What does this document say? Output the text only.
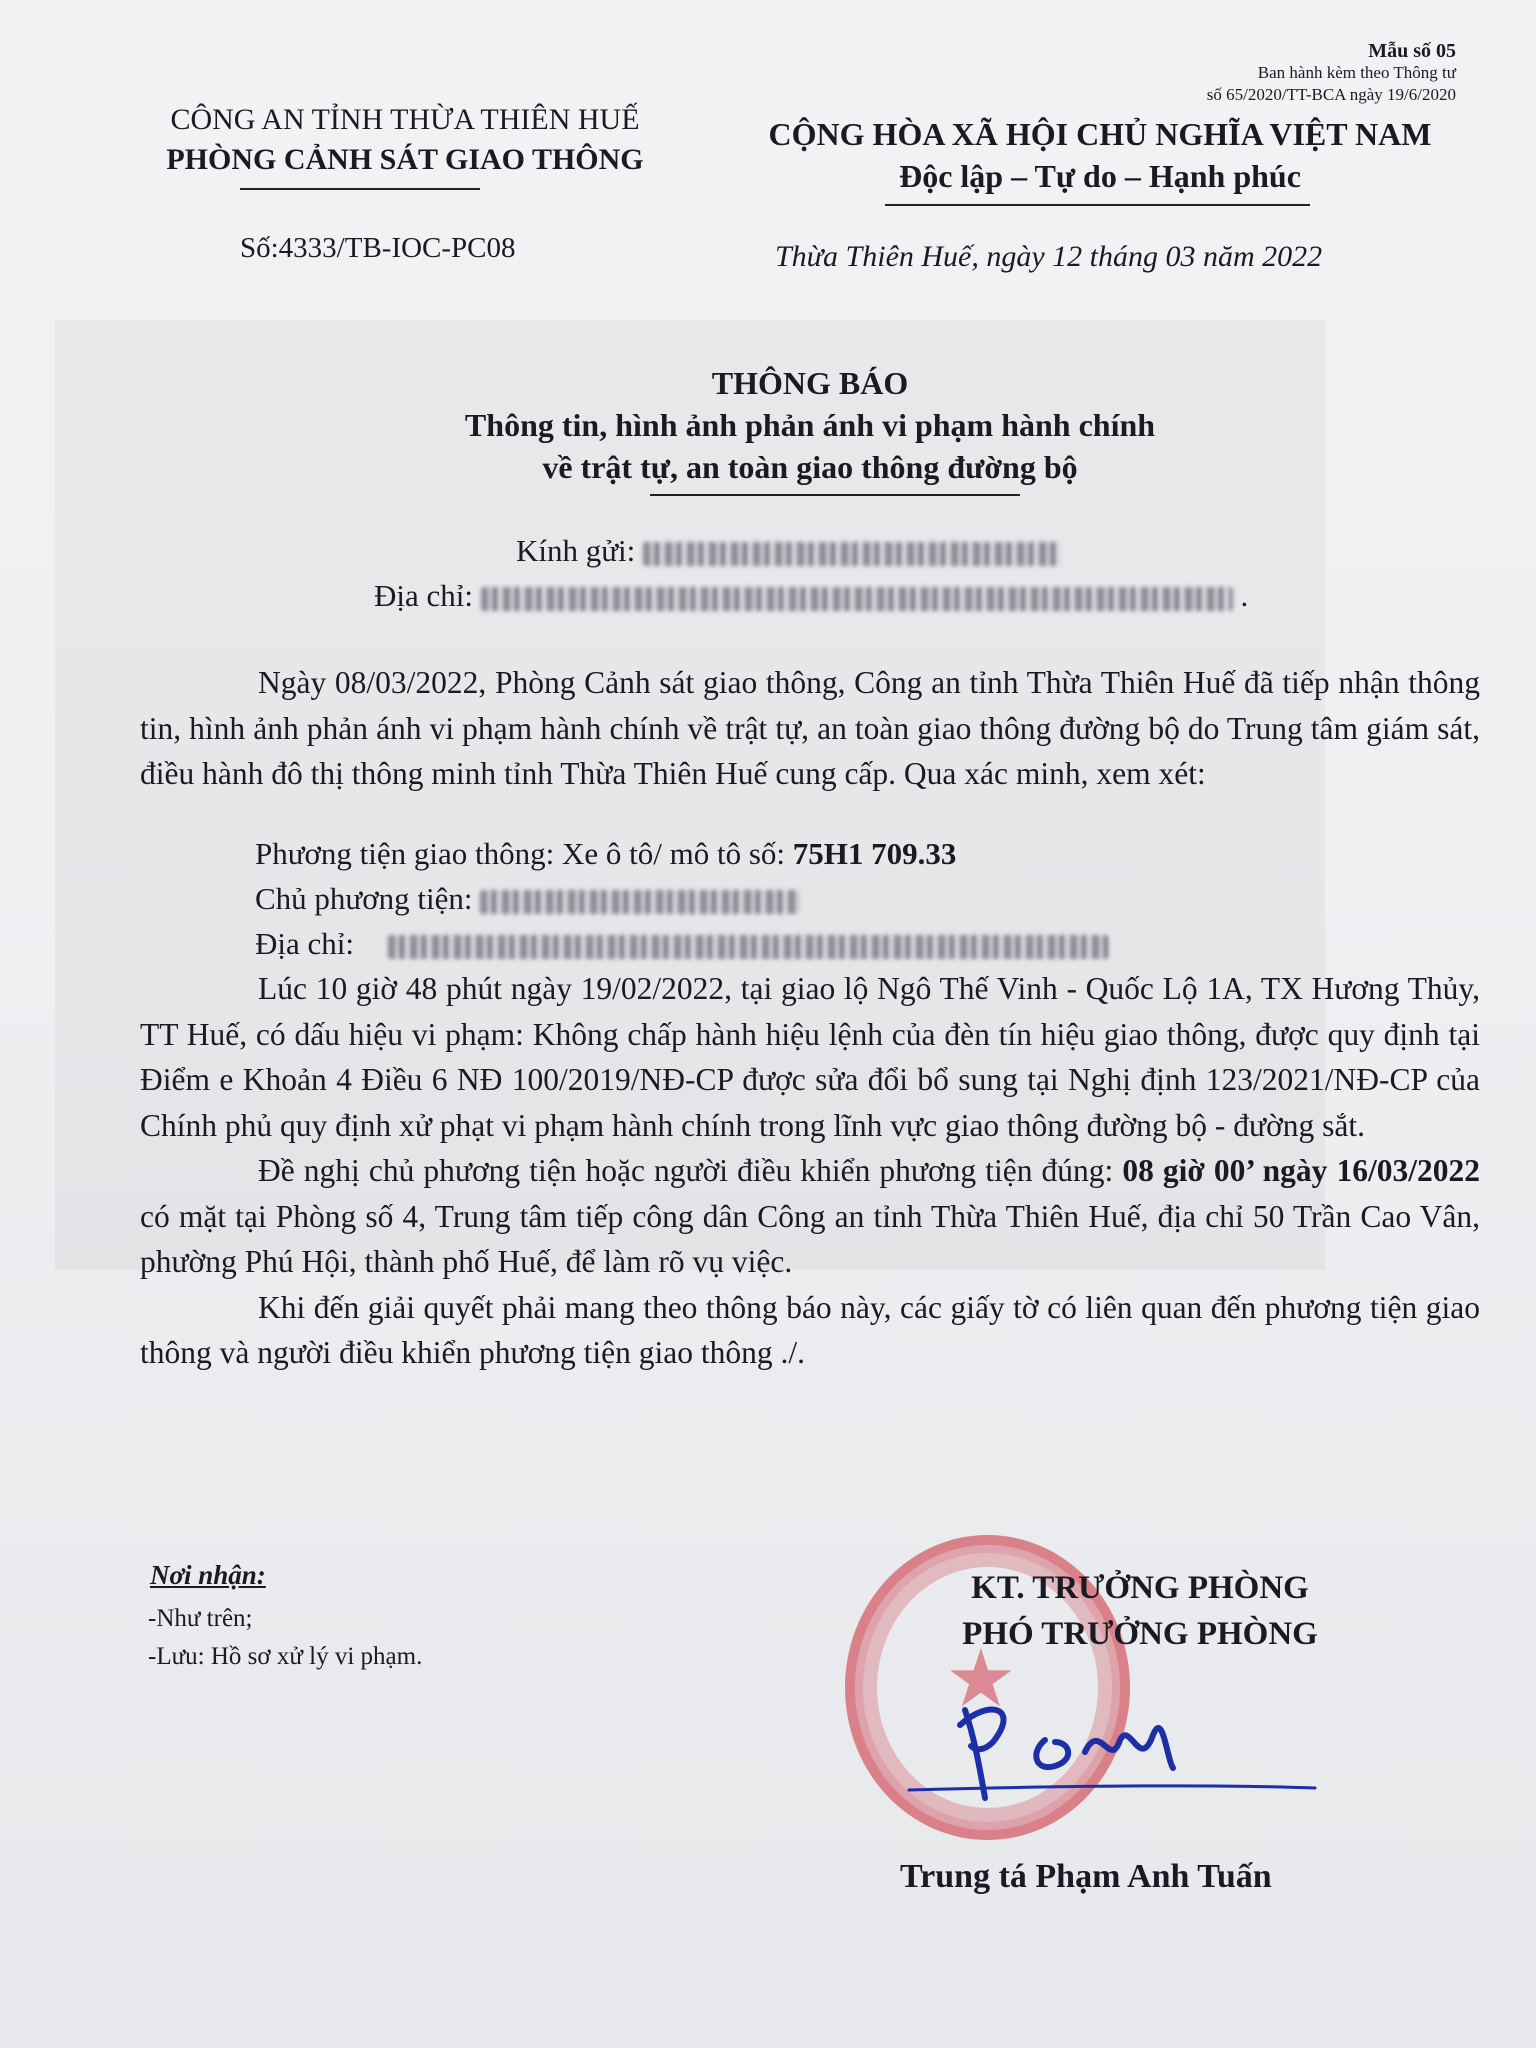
Mẫu số 05
Ban hành kèm theo Thông tư
số 65/2020/TT-BCA ngày 19/6/2020
CÔNG AN TỈNH THỪA THIÊN HUẾ
PHÒNG CẢNH SÁT GIAO THÔNG
CỘNG HÒA XÃ HỘI CHỦ NGHĨA VIỆT NAM
Độc lập – Tự do – Hạnh phúc
Số:4333/TB-IOC-PC08	Thừa Thiên Huế, ngày 12 tháng 03 năm 2022
THÔNG BÁO
Thông tin, hình ảnh phản ánh vi phạm hành chính
về trật tự, an toàn giao thông đường bộ
Kính gửi:
Địa chỉ:	.

Ngày 08/03/2022, Phòng Cảnh sát giao thông, Công an tỉnh Thừa Thiên Huế đã tiếp nhận thông tin, hình ảnh phản ánh vi phạm hành chính về trật tự, an toàn giao thông đường bộ do Trung tâm giám sát, điều hành đô thị thông minh tỉnh Thừa Thiên Huế cung cấp. Qua xác minh, xem xét:

Phương tiện giao thông: Xe ô tô/ mô tô số: 75H1 709.33
Chủ phương tiện:
Địa chỉ:

Lúc 10 giờ 48 phút ngày 19/02/2022, tại giao lộ Ngô Thế Vinh - Quốc Lộ 1A, TX Hương Thủy, TT Huế, có dấu hiệu vi phạm: Không chấp hành hiệu lệnh của đèn tín hiệu giao thông, được quy định tại Điểm e Khoản 4 Điều 6 NĐ 100/2019/NĐ-CP được sửa đổi bổ sung tại Nghị định 123/2021/NĐ-CP của Chính phủ quy định xử phạt vi phạm hành chính trong lĩnh vực giao thông đường bộ - đường sắt.

Đề nghị chủ phương tiện hoặc người điều khiển phương tiện đúng: 08 giờ 00’ ngày 16/03/2022 có mặt tại Phòng số 4, Trung tâm tiếp công dân Công an tỉnh Thừa Thiên Huế, địa chỉ 50 Trần Cao Vân, phường Phú Hội, thành phố Huế, để làm rõ vụ việc.

Khi đến giải quyết phải mang theo thông báo này, các giấy tờ có liên quan đến phương tiện giao thông và người điều khiển phương tiện giao thông ./.

Nơi nhận:
-Như trên;
-Lưu: Hồ sơ xử lý vi phạm.	★
KT. TRƯỞNG PHÒNG
PHÓ TRƯỞNG PHÒNG
Trung tá Phạm Anh Tuấn
